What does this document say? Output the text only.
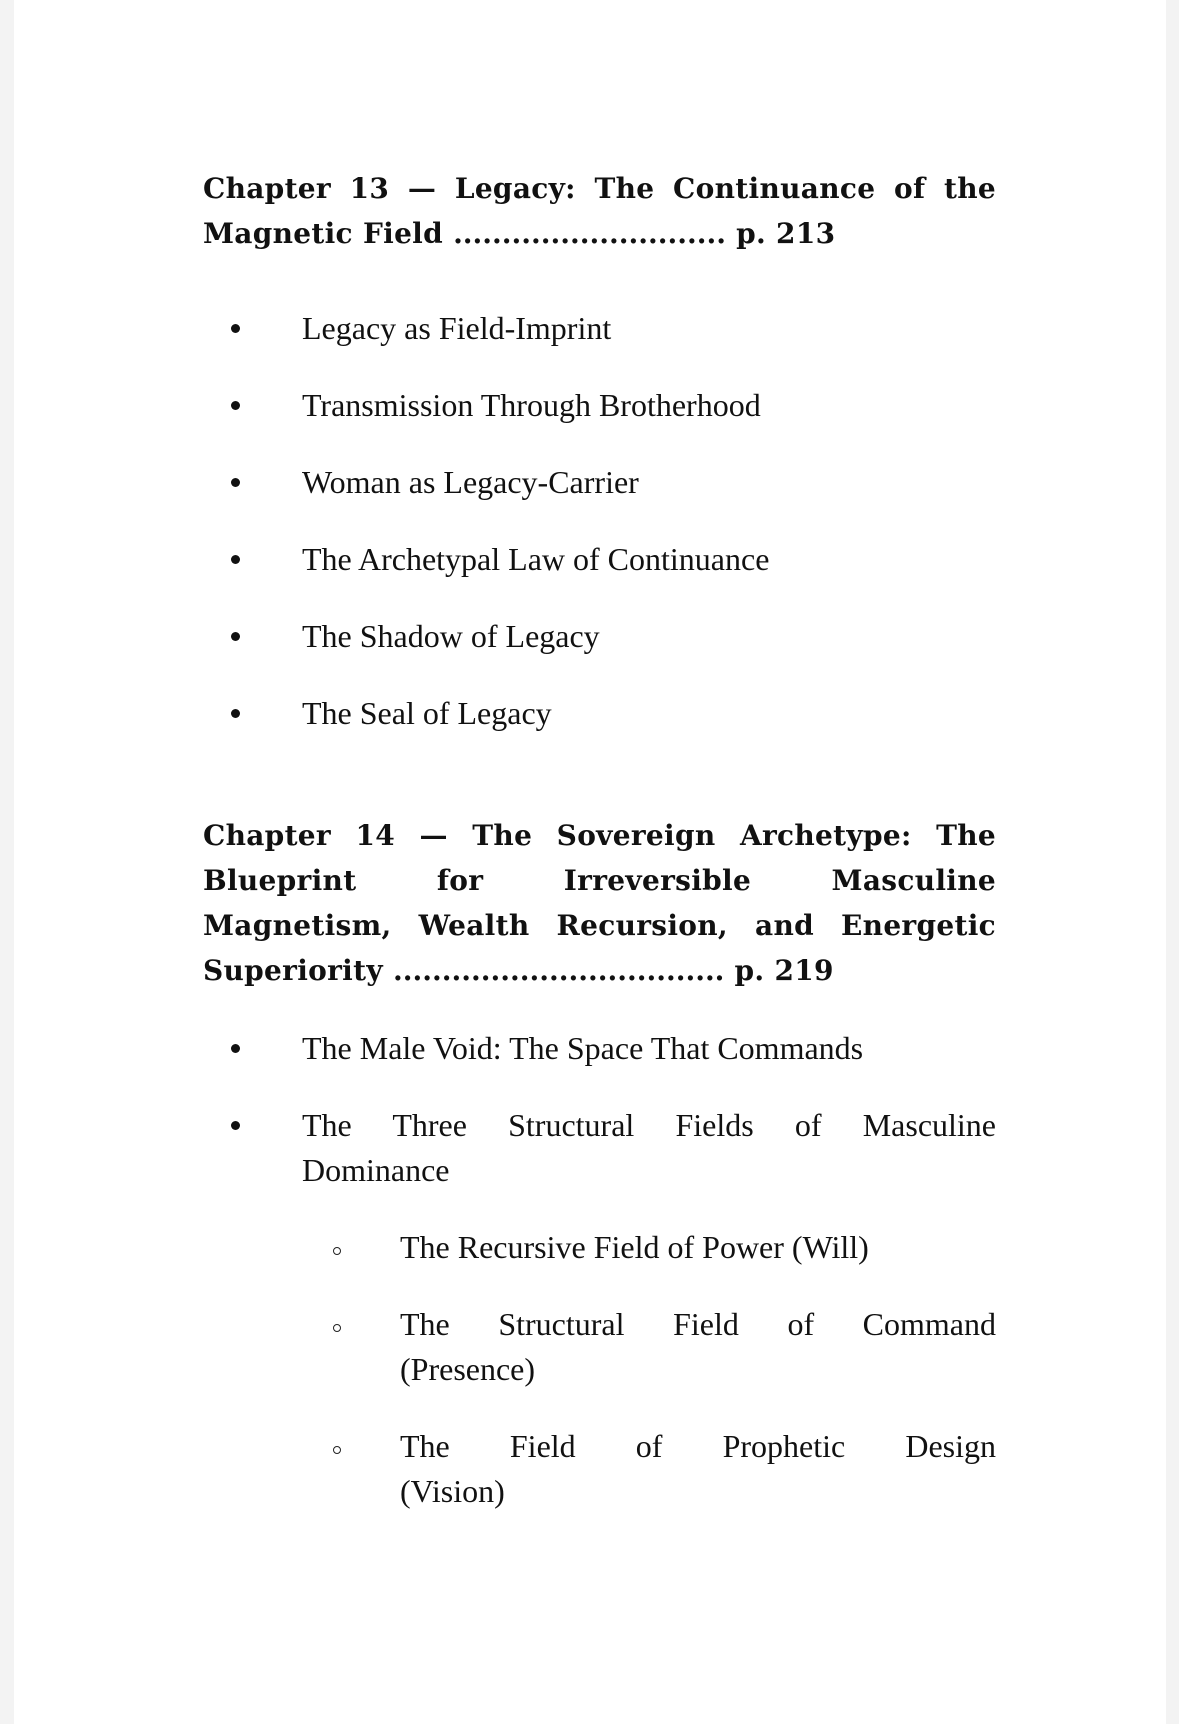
Chapter 13 — Legacy: The Continuance of the
Magnetic Field ............................ p. 213
Legacy as Field-Imprint
Transmission Through Brotherhood
Woman as Legacy-Carrier
The Archetypal Law of Continuance
The Shadow of Legacy
The Seal of Legacy
Chapter 14 — The Sovereign Archetype: The
Blueprint for Irreversible Masculine
Magnetism, Wealth Recursion, and Energetic
Superiority .................................. p. 219
The Male Void: The Space That Commands
The Three Structural Fields of Masculine
Dominance
The Recursive Field of Power (Will)
The Structural Field of Command
(Presence)
The Field of Prophetic Design
(Vision)
